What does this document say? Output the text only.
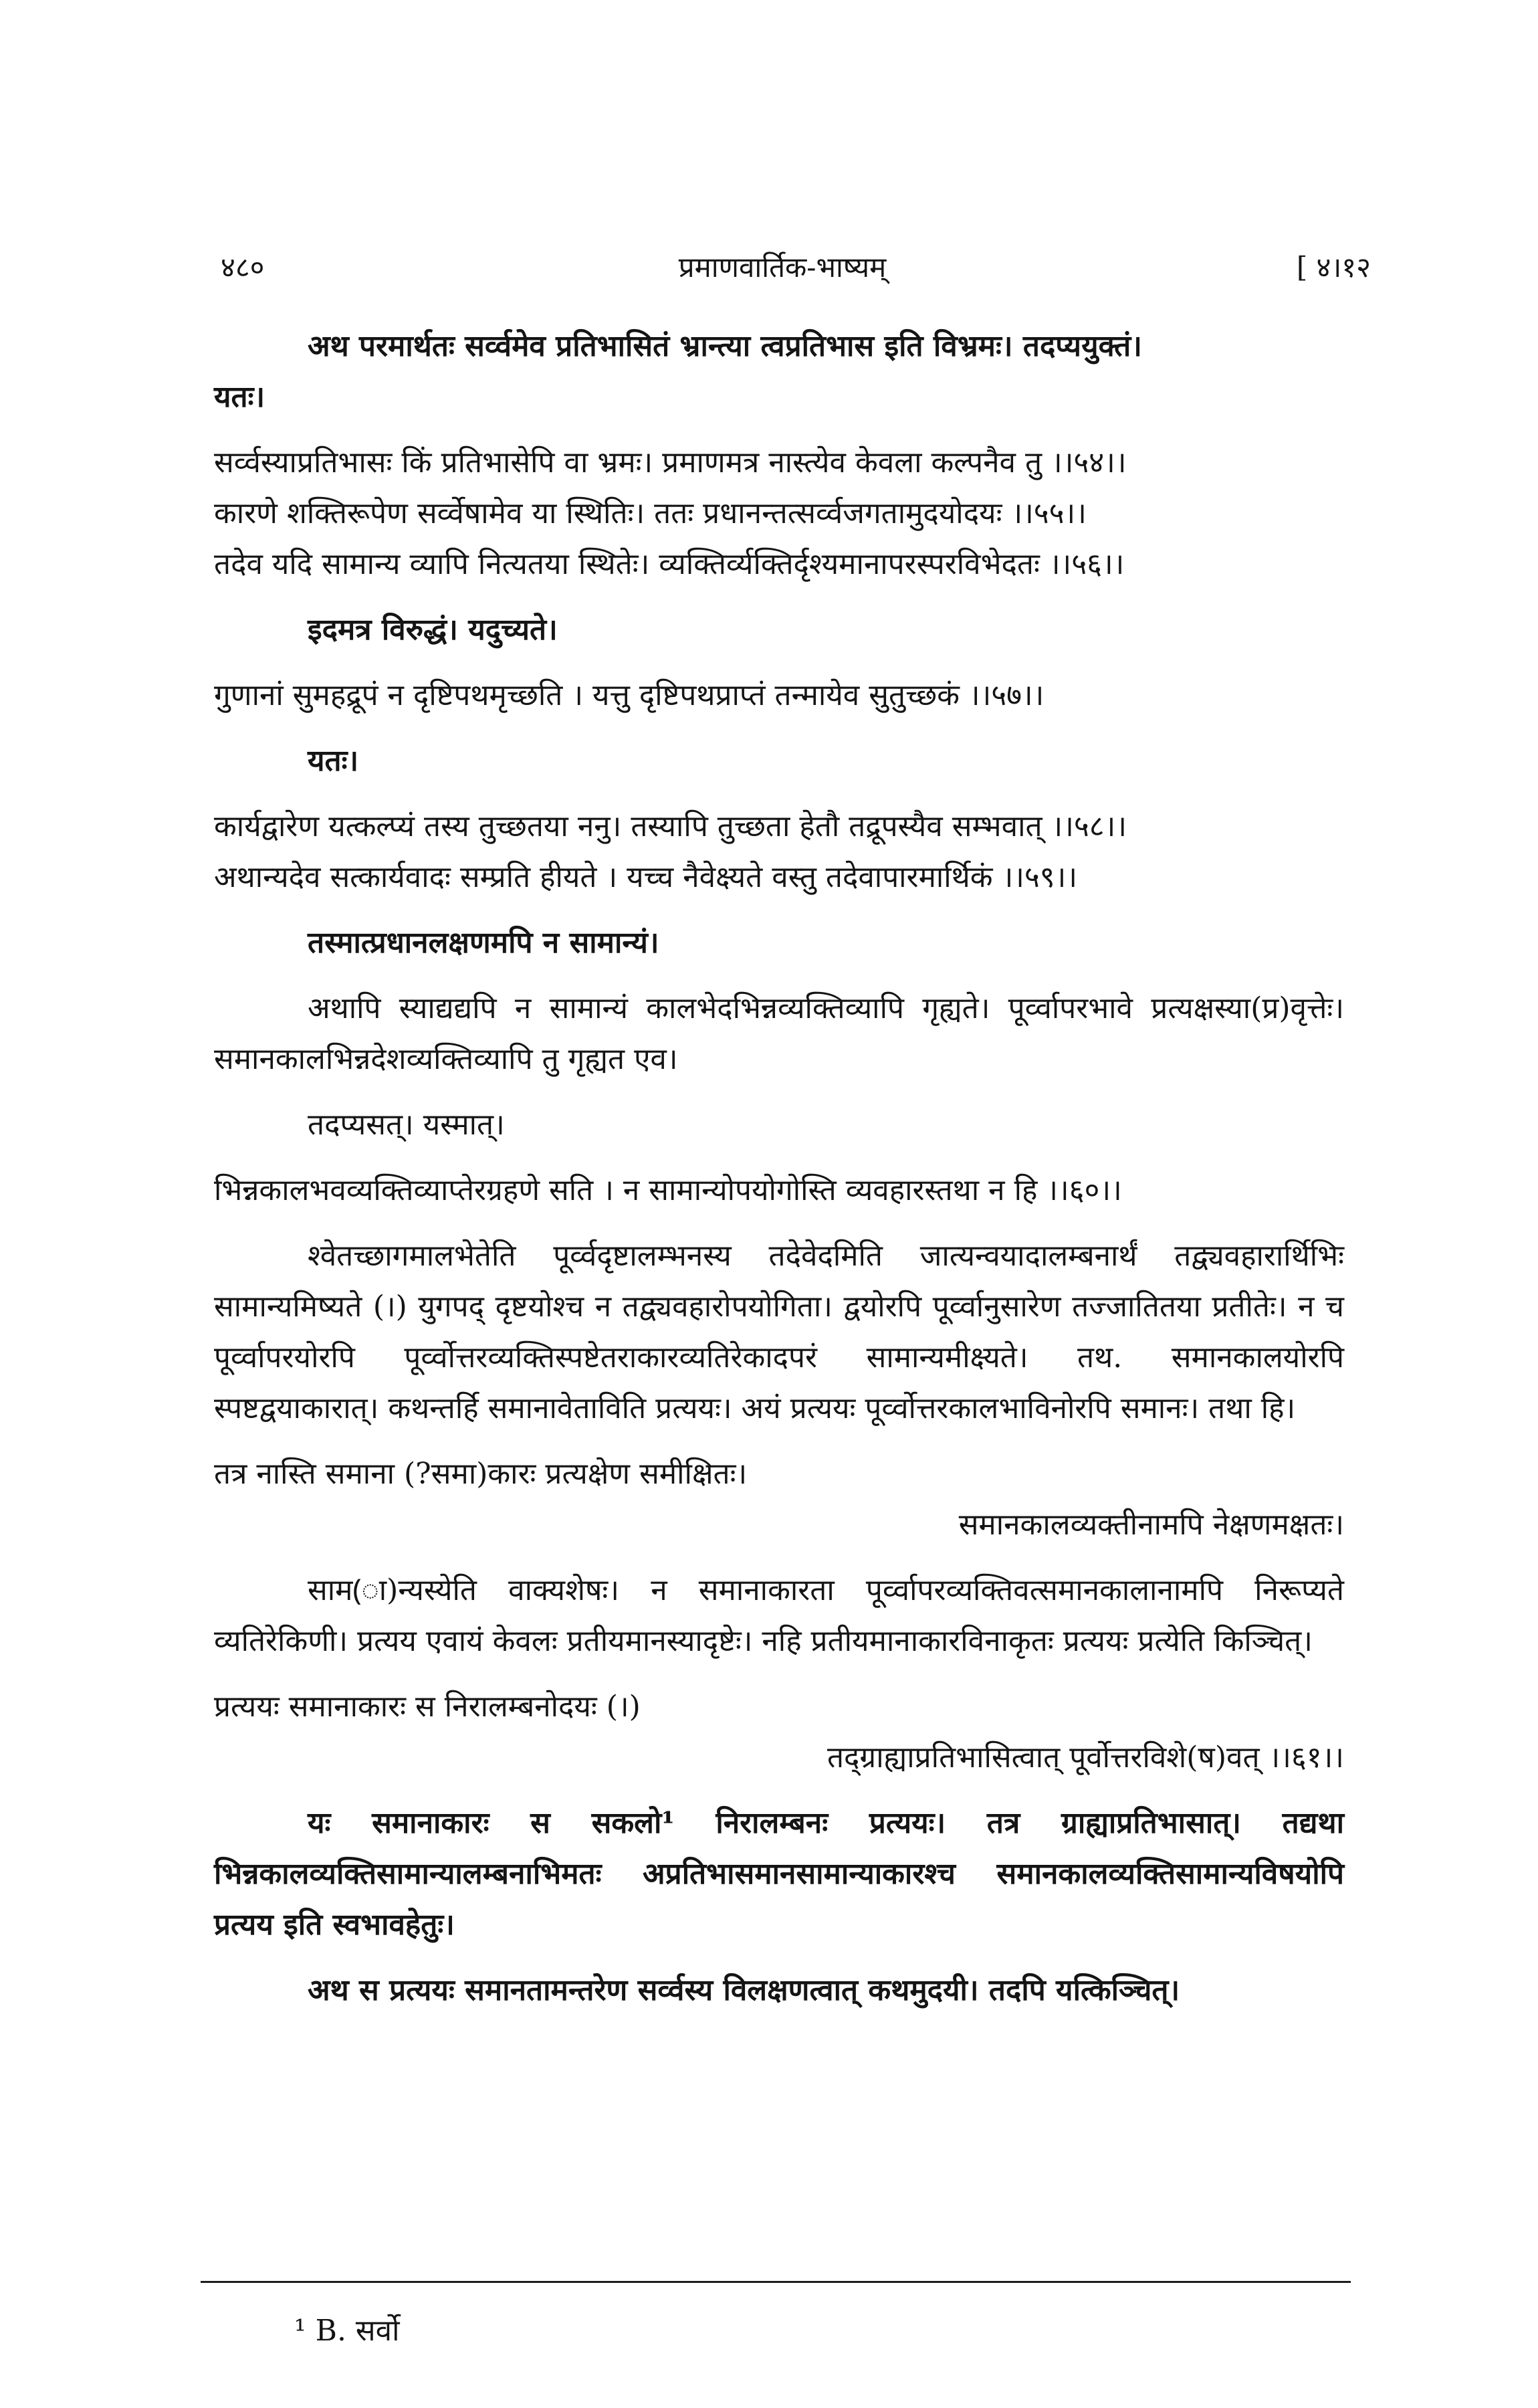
४८०	प्रमाणवार्तिक-भाष्यम्	[ ४।१२

अथ परमार्थतः सर्व्वमेव प्रतिभासितं भ्रान्त्या त्वप्रतिभास इति विभ्रमः। तदप्ययुक्तं।

यतः।

सर्व्वस्याप्रतिभासः किं प्रतिभासेपि वा भ्रमः। प्रमाणमत्र नास्त्येव केवला कल्पनैव तु ।।५४।।

कारणे शक्तिरूपेण सर्व्वेषामेव या स्थितिः। ततः प्रधानन्तत्सर्व्वजगतामुदयोदयः ।।५५।।

तदेव यदि सामान्य व्यापि नित्यतया स्थितेः। व्यक्तिर्व्यक्तिर्दृश्यमानापरस्परविभेदतः ।।५६।।

इदमत्र विरुद्धं। यदुच्यते।

गुणानां सुमहद्रूपं न दृष्टिपथमृच्छति । यत्तु दृष्टिपथप्राप्तं तन्मायेव सुतुच्छकं ।।५७।।

यतः।

कार्यद्वारेण यत्कल्प्यं तस्य तुच्छतया ननु। तस्यापि तुच्छता हेतौ तद्रूपस्यैव सम्भवात् ।।५८।।

अथान्यदेव सत्कार्यवादः सम्प्रति हीयते । यच्च नैवेक्ष्यते वस्तु तदेवापारमार्थिकं ।।५९।।

तस्मात्प्रधानलक्षणमपि न सामान्यं।

अथापि स्याद्यद्यपि न सामान्यं कालभेदभिन्नव्यक्तिव्यापि गृह्यते। पूर्व्वापरभावे प्रत्यक्षस्या(प्र)वृत्तेः। समानकालभिन्नदेशव्यक्तिव्यापि तु गृह्यत एव।

तदप्यसत्। यस्मात्।

भिन्नकालभवव्यक्तिव्याप्तेरग्रहणे सति । न सामान्योपयोगोस्ति व्यवहारस्तथा न हि ।।६०।।

श्वेतच्छागमालभेतेति पूर्व्वदृष्टालम्भनस्य तदेवेदमिति जात्यन्वयादालम्बनार्थं तद्व्यवहारार्थिभिः सामान्यमिष्यते (।) युगपद् दृष्टयोश्च न तद्व्यवहारोपयोगिता। द्वयोरपि पूर्व्वानुसारेण तज्जातितया प्रतीतेः। न च पूर्व्वापरयोरपि पूर्व्वोत्तरव्यक्तिस्पष्टेतराकारव्यतिरेकादपरं सामान्यमीक्ष्यते। तथ. समानकालयोरपि स्पष्टद्वयाकारात्। कथन्तर्हि समानावेताविति प्रत्ययः। अयं प्रत्ययः पूर्व्वोत्तरकालभाविनोरपि समानः। तथा हि।

तत्र नास्ति समाना (?समा)कारः प्रत्यक्षेण समीक्षितः।

समानकालव्यक्तीनामपि नेक्षणमक्षतः।

साम(ा)न्यस्येति वाक्यशेषः। न समानाकारता पूर्व्वापरव्यक्तिवत्समानकालानामपि निरूप्यते व्यतिरेकिणी। प्रत्यय एवायं केवलः प्रतीयमानस्यादृष्टेः। नहि प्रतीयमानाकारविनाकृतः प्रत्ययः प्रत्येति किञ्चित्।

प्रत्ययः समानाकारः स निरालम्बनोदयः (।)

तद्ग्राह्याप्रतिभासित्वात् पूर्वोत्तरविशे(ष)वत् ।।६१।।

यः समानाकारः स सकलो¹ निरालम्बनः प्रत्ययः। तत्र ग्राह्याप्रतिभासात्। तद्यथा भिन्नकालव्यक्तिसामान्यालम्बनाभिमतः अप्रतिभासमानसामान्याकारश्च समानकालव्यक्तिसामान्यविषयोपि प्रत्यय इति स्वभावहेतुः।

अथ स प्रत्ययः समानतामन्तरेण सर्व्वस्य विलक्षणत्वात् कथमुदयी। तदपि यत्किञ्चित्।

¹ B. सर्वो
